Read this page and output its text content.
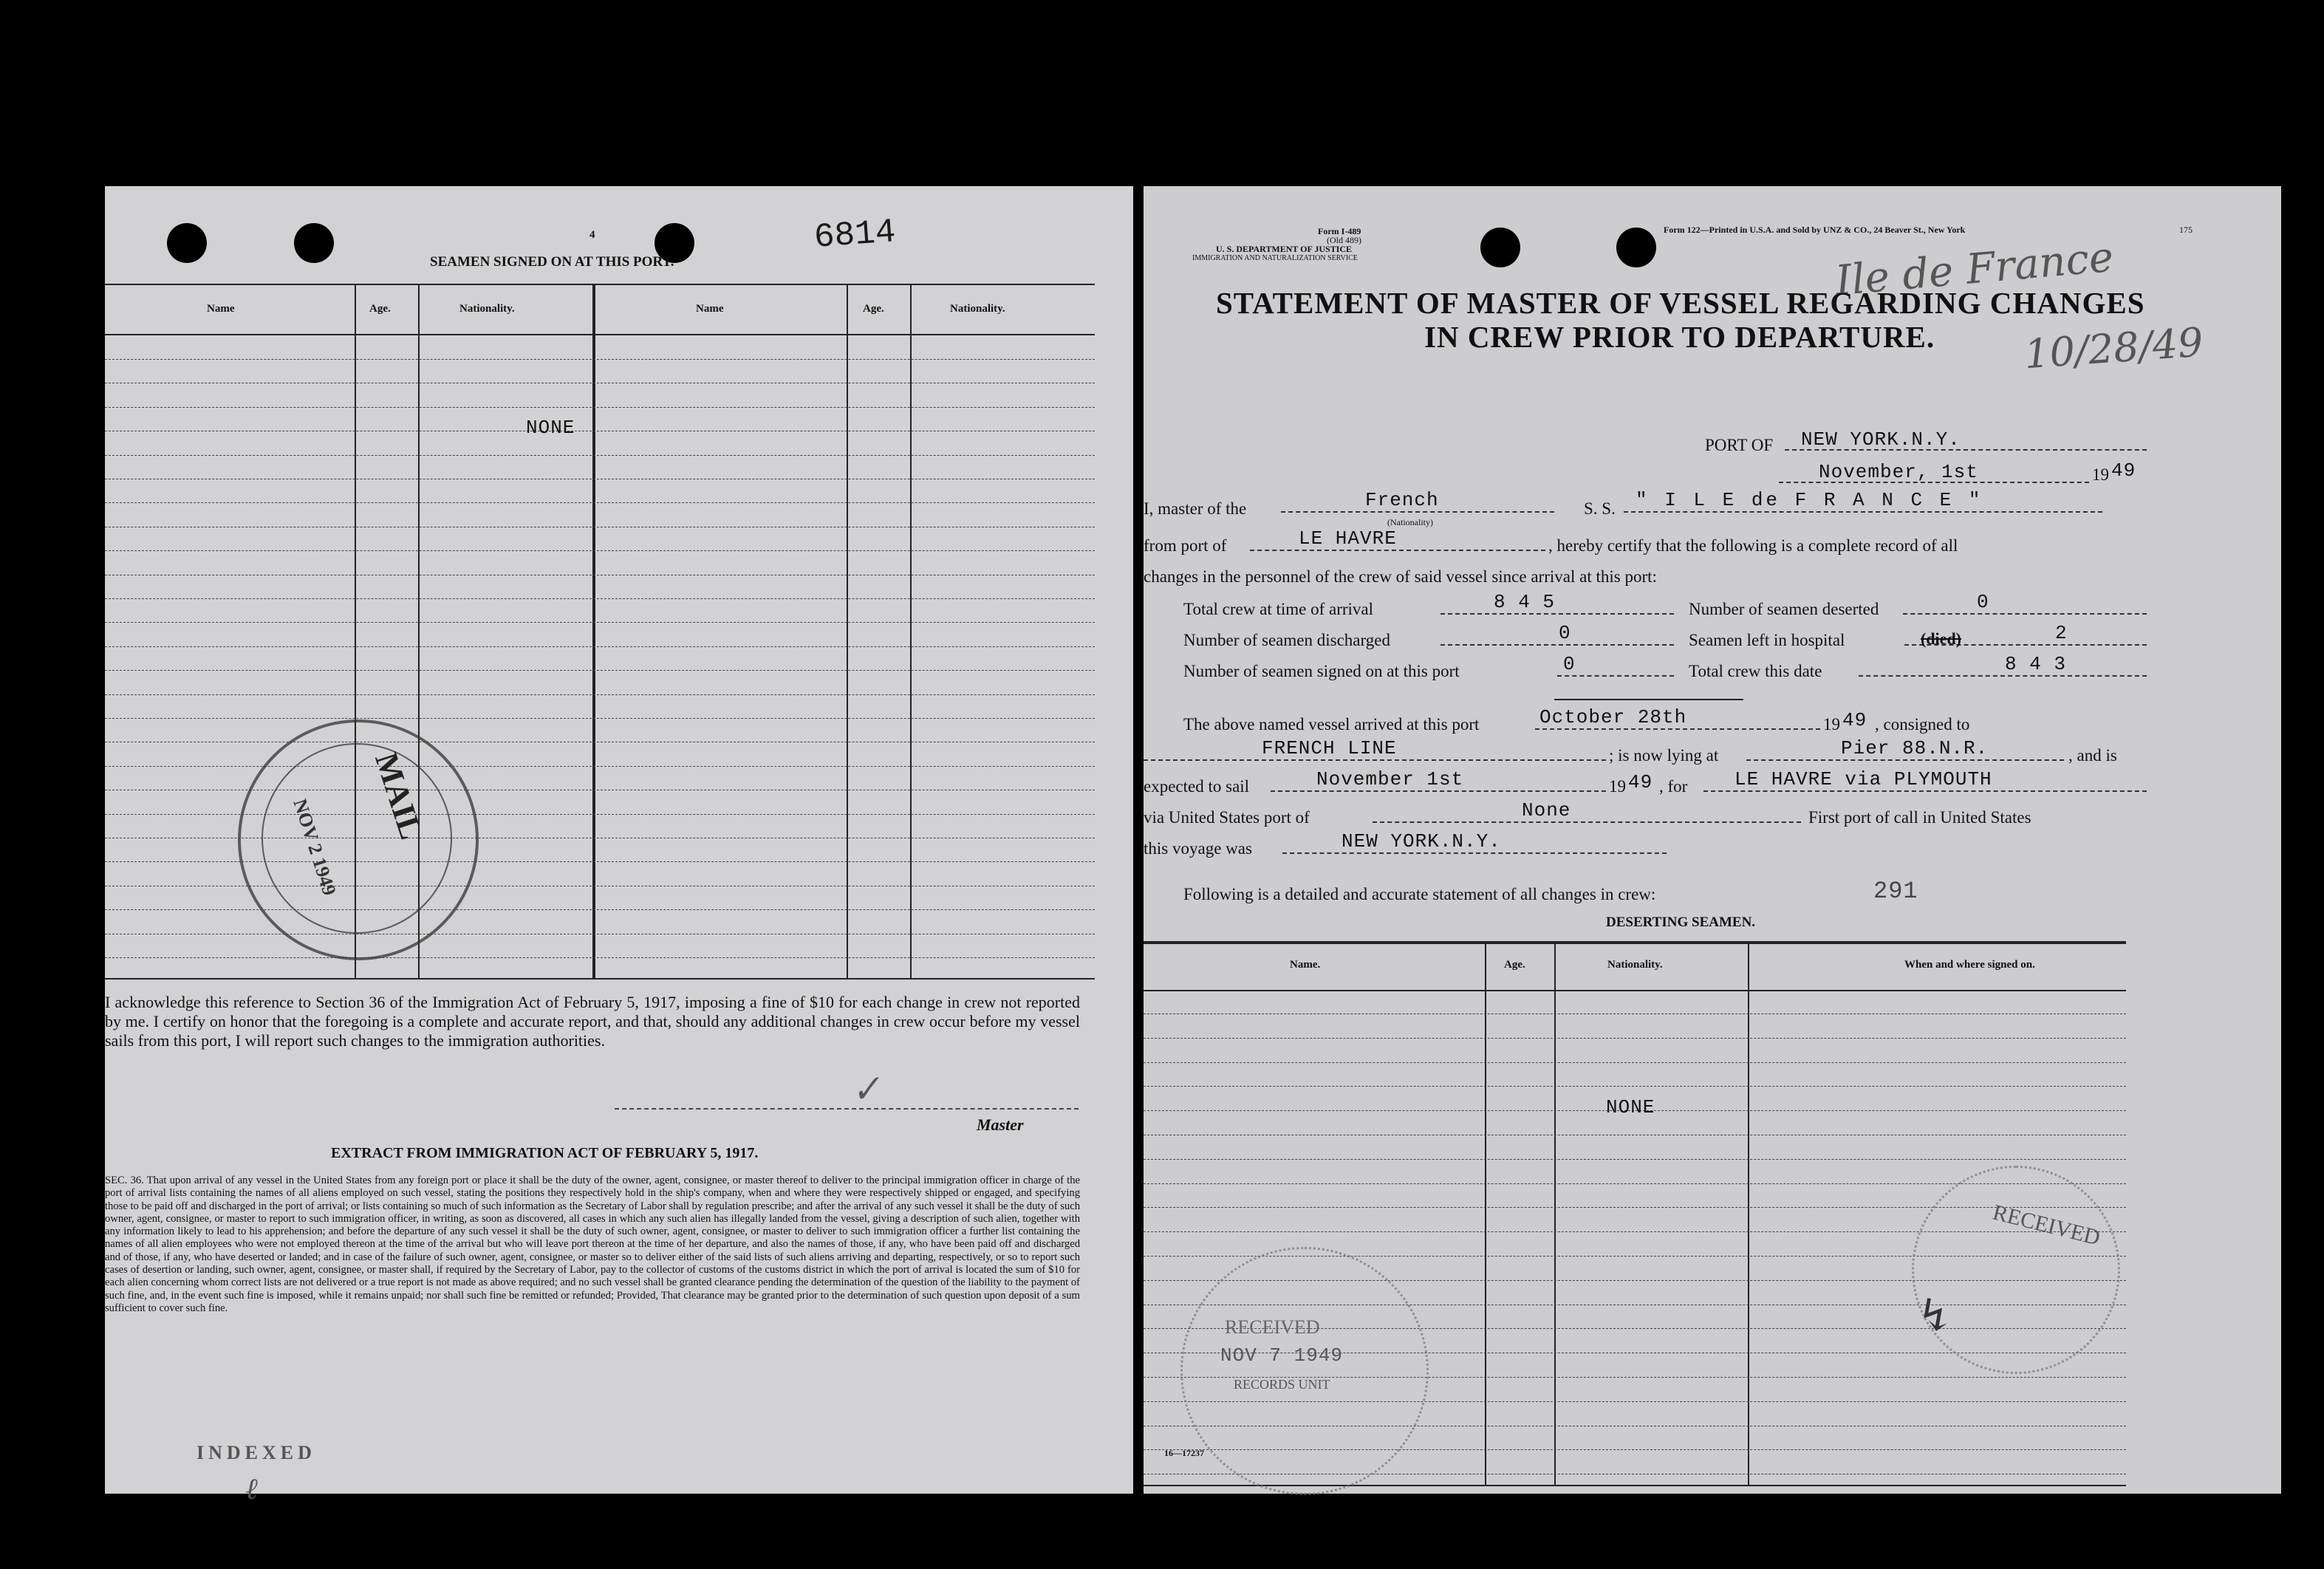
4	6814
SEAMEN SIGNED ON AT THIS PORT.
Name	Age.	Nationality.	Name	Age.	Nationality.
NONE
MAIL
NOV 2 1949

I acknowledge this reference to Section 36 of the Immigration Act of February 5, 1917, imposing a fine of $10 for each change in crew not reported by me. I certify on honor that the foregoing is a complete and accurate report, and that, should any additional changes in crew occur before my vessel sails from this port, I will report such changes to the immigration authorities.

✓
Master
EXTRACT FROM IMMIGRATION ACT OF FEBRUARY 5, 1917.

SEC. 36. That upon arrival of any vessel in the United States from any foreign port or place it shall be the duty of the owner, agent, consignee, or master thereof to deliver to the principal immigration officer in charge of the port of arrival lists containing the names of all aliens employed on such vessel, stating the positions they respectively hold in the ship's company, when and where they were respectively shipped or engaged, and specifying those to be paid off and discharged in the port of arrival; or lists containing so much of such information as the Secretary of Labor shall by regulation prescribe; and after the arrival of any such vessel it shall be the duty of such owner, agent, consignee, or master to report to such immigration officer, in writing, as soon as discovered, all cases in which any such alien has illegally landed from the vessel, giving a description of such alien, together with any information likely to lead to his apprehension; and before the departure of any such vessel it shall be the duty of such owner, agent, consignee, or master to deliver to such immigration officer a further list containing the names of all alien employees who were not employed thereon at the time of the arrival but who will leave port thereon at the time of her departure, and also the names of those, if any, who have been paid off and discharged and of those, if any, who have deserted or landed; and in case of the failure of such owner, agent, consignee, or master so to deliver either of the said lists of such aliens arriving and departing, respectively, or so to report such cases of desertion or landing, such owner, agent, consignee, or master shall, if required by the Secretary of Labor, pay to the collector of customs of the customs district in which the port of arrival is located the sum of $10 for each alien concerning whom correct lists are not delivered or a true report is not made as above required; and no such vessel shall be granted clearance pending the determination of the question of the liability to the payment of such fine, and, in the event such fine is imposed, while it remains unpaid; nor shall such fine be remitted or refunded; Provided, That clearance may be granted prior to the determination of such question upon deposit of a sum sufficient to cover such fine.

INDEXED
ℓ
Form I-489
(Old 489)
U. S. DEPARTMENT OF JUSTICE
IMMIGRATION AND NATURALIZATION SERVICE
Form 122—Printed in U.S.A. and Sold by UNZ & CO., 24 Beaver St., New York	175
Ile de France
10/28/49
STATEMENT OF MASTER OF VESSEL REGARDING CHANGES
IN CREW PRIOR TO DEPARTURE.
PORT OF NEW YORK.N.Y.
November, 1st	19 49
I, master of the	French
(Nationality)
S. S. " I L E de F R A N C E "
from port of	LE HAVRE	, hereby certify that the following is a complete record of all
changes in the personnel of the crew of said vessel since arrival at this port:
Total crew at time of arrival	8 4 5	Number of seamen deserted	0
Number of seamen discharged	0	Seamen left in hospital	(died)	2
Number of seamen signed on at this port	0	Total crew this date	8 4 3
The above named vessel arrived at this port	October 28th	19 49 , consigned to
FRENCH LINE	; is now lying at	Pier 88.N.R.	, and is
expected to sail	November 1st	19 49 , for LE HAVRE via PLYMOUTH
via United States port of	None	First port of call in United States
this voyage was	NEW YORK.N.Y.
Following is a detailed and accurate statement of all changes in crew:	291
DESERTING SEAMEN.
Name.	Age.	Nationality.	When and where signed on.
NONE
RECEIVED
↯
RECEIVED
NOV 7 1949
RECORDS UNIT
16—17237
